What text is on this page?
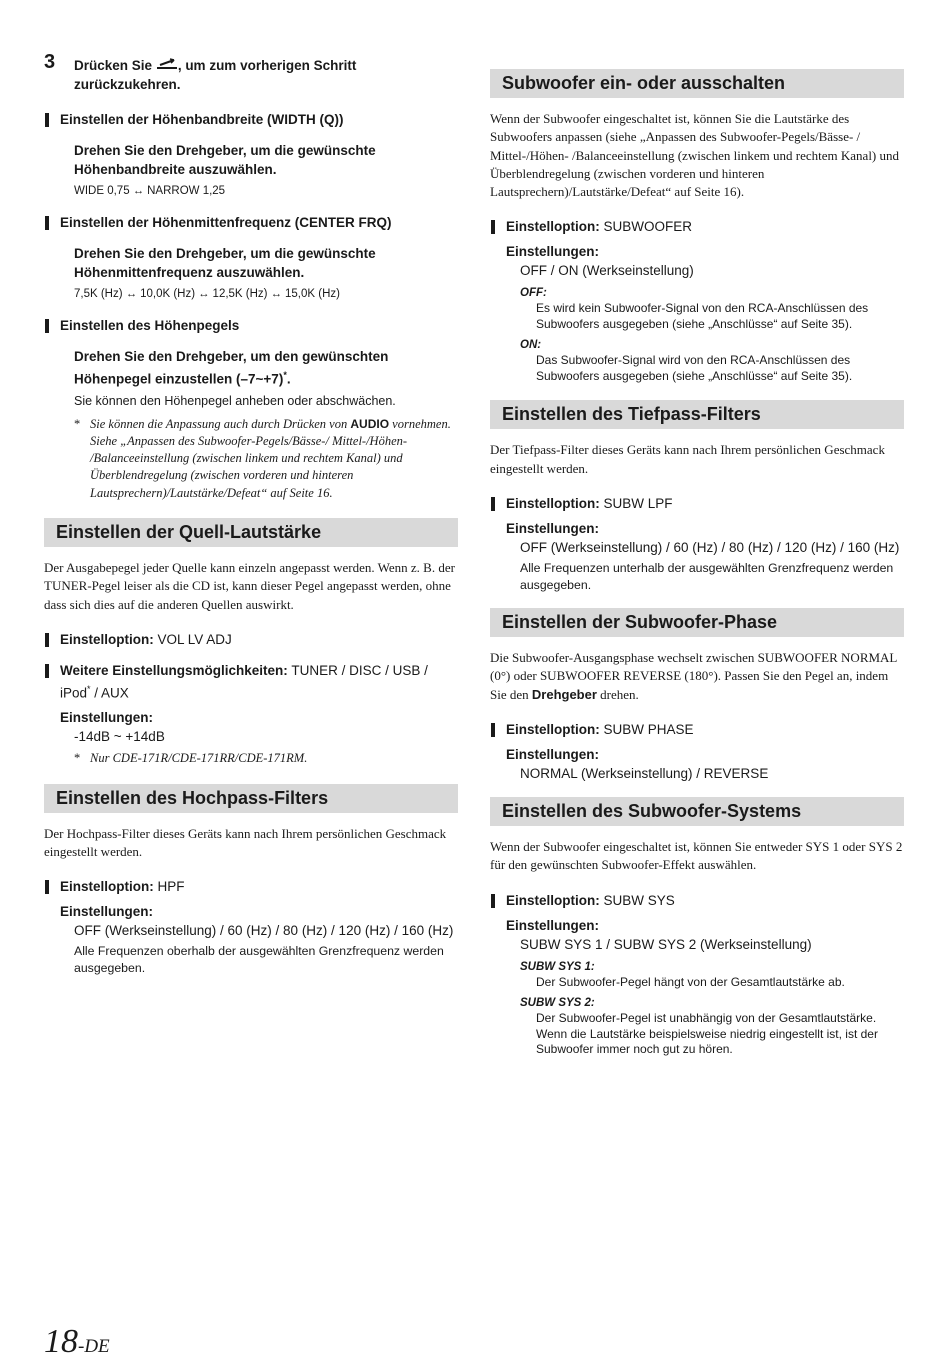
3 Drücken Sie , um zum vorherigen Schritt zurückzukehren.
Einstellen der Höhenbandbreite (WIDTH (Q))
Drehen Sie den Drehgeber, um die gewünschte Höhenbandbreite auszuwählen.
WIDE 0,75 ↔ NARROW 1,25
Einstellen der Höhenmittenfrequenz (CENTER FRQ)
Drehen Sie den Drehgeber, um die gewünschte Höhenmittenfrequenz auszuwählen.
7,5K (Hz) ↔ 10,0K (Hz) ↔ 12,5K (Hz) ↔ 15,0K (Hz)
Einstellen des Höhenpegels
Drehen Sie den Drehgeber, um den gewünschten Höhenpegel einzustellen (–7~+7)*.
Sie können den Höhenpegel anheben oder abschwächen.
* Sie können die Anpassung auch durch Drücken von AUDIO vornehmen. Siehe „Anpassen des Subwoofer-Pegels/Bässe-/ Mittel-/Höhen- /Balanceeinstellung (zwischen linkem und rechtem Kanal) und Überblendregelung (zwischen vorderen und hinteren Lautsprechern)/Lautstärke/Defeat“ auf Seite 16.
Einstellen der Quell-Lautstärke
Der Ausgabepegel jeder Quelle kann einzeln angepasst werden. Wenn z. B. der TUNER-Pegel leiser als die CD ist, kann dieser Pegel angepasst werden, ohne dass sich dies auf die anderen Quellen auswirkt.
Einstelloption: VOL LV ADJ
Weitere Einstellungsmöglichkeiten: TUNER / DISC / USB / iPod* / AUX
Einstellungen:
-14dB ~ +14dB
* Nur CDE-171R/CDE-171RR/CDE-171RM.
Einstellen des Hochpass-Filters
Der Hochpass-Filter dieses Geräts kann nach Ihrem persönlichen Geschmack eingestellt werden.
Einstelloption: HPF
Einstellungen:
OFF (Werkseinstellung) / 60 (Hz) / 80 (Hz) / 120 (Hz) / 160 (Hz)
Alle Frequenzen oberhalb der ausgewählten Grenzfrequenz werden ausgegeben.
Subwoofer ein- oder ausschalten
Wenn der Subwoofer eingeschaltet ist, können Sie die Lautstärke des Subwoofers anpassen (siehe „Anpassen des Subwoofer-Pegels/Bässe- / Mittel-/Höhen- /Balanceeinstellung (zwischen linkem und rechtem Kanal) und Überblendregelung (zwischen vorderen und hinteren Lautsprechern)/Lautstärke/Defeat“ auf Seite 16).
Einstelloption: SUBWOOFER
Einstellungen:
OFF / ON (Werkseinstellung)
OFF:
Es wird kein Subwoofer-Signal von den RCA-Anschlüssen des Subwoofers ausgegeben (siehe „Anschlüsse“ auf Seite 35).
ON:
Das Subwoofer-Signal wird von den RCA-Anschlüssen des Subwoofers ausgegeben (siehe „Anschlüsse“ auf Seite 35).
Einstellen des Tiefpass-Filters
Der Tiefpass-Filter dieses Geräts kann nach Ihrem persönlichen Geschmack eingestellt werden.
Einstelloption: SUBW LPF
Einstellungen:
OFF (Werkseinstellung) / 60 (Hz) / 80 (Hz) / 120 (Hz) / 160 (Hz)
Alle Frequenzen unterhalb der ausgewählten Grenzfrequenz werden ausgegeben.
Einstellen der Subwoofer-Phase
Die Subwoofer-Ausgangsphase wechselt zwischen SUBWOOFER NORMAL (0°) oder SUBWOOFER REVERSE (180°). Passen Sie den Pegel an, indem Sie den Drehgeber drehen.
Einstelloption: SUBW PHASE
Einstellungen:
NORMAL (Werkseinstellung) / REVERSE
Einstellen des Subwoofer-Systems
Wenn der Subwoofer eingeschaltet ist, können Sie entweder SYS 1 oder SYS 2 für den gewünschten Subwoofer-Effekt auswählen.
Einstelloption: SUBW SYS
Einstellungen:
SUBW SYS 1 / SUBW SYS 2 (Werkseinstellung)
SUBW SYS 1:
Der Subwoofer-Pegel hängt von der Gesamtlautstärke ab.
SUBW SYS 2:
Der Subwoofer-Pegel ist unabhängig von der Gesamtlautstärke. Wenn die Lautstärke beispielsweise niedrig eingestellt ist, ist der Subwoofer immer noch gut zu hören.
18-DE
